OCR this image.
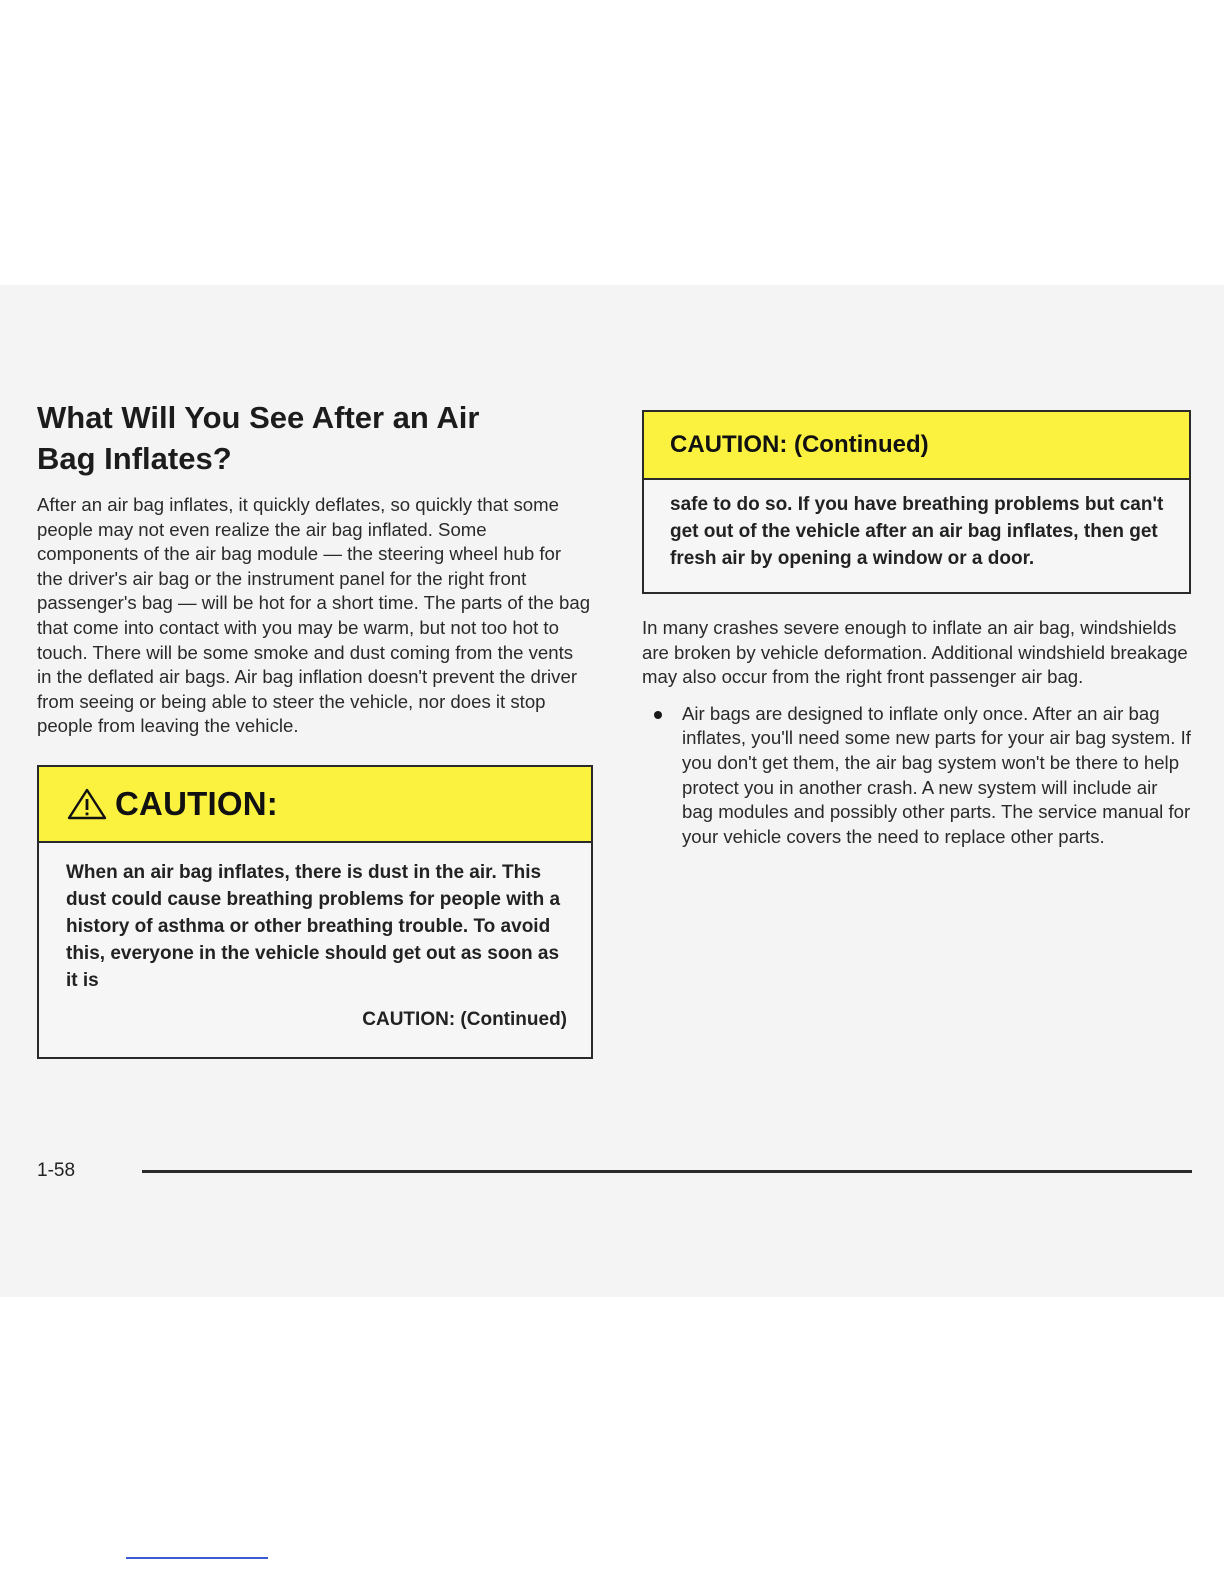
What Will You See After an Air Bag Inflates?

After an air bag inflates, it quickly deflates, so quickly that some people may not even realize the air bag inflated. Some components of the air bag module — the steering wheel hub for the driver's air bag or the instrument panel for the right front passenger's bag — will be hot for a short time. The parts of the bag that come into contact with you may be warm, but not too hot to touch. There will be some smoke and dust coming from the vents in the deflated air bags. Air bag inflation doesn't prevent the driver from seeing or being able to steer the vehicle, nor does it stop people from leaving the vehicle.

CAUTION:

When an air bag inflates, there is dust in the air. This dust could cause breathing problems for people with a history of asthma or other breathing trouble. To avoid this, everyone in the vehicle should get out as soon as it is

CAUTION: (Continued)

CAUTION: (Continued)

safe to do so. If you have breathing problems but can't get out of the vehicle after an air bag inflates, then get fresh air by opening a window or a door.

In many crashes severe enough to inflate an air bag, windshields are broken by vehicle deformation. Additional windshield breakage may also occur from the right front passenger air bag.

Air bags are designed to inflate only once. After an air bag inflates, you'll need some new parts for your air bag system. If you don't get them, the air bag system won't be there to help protect you in another crash. A new system will include air bag modules and possibly other parts. The service manual for your vehicle covers the need to replace other parts.
1-58
